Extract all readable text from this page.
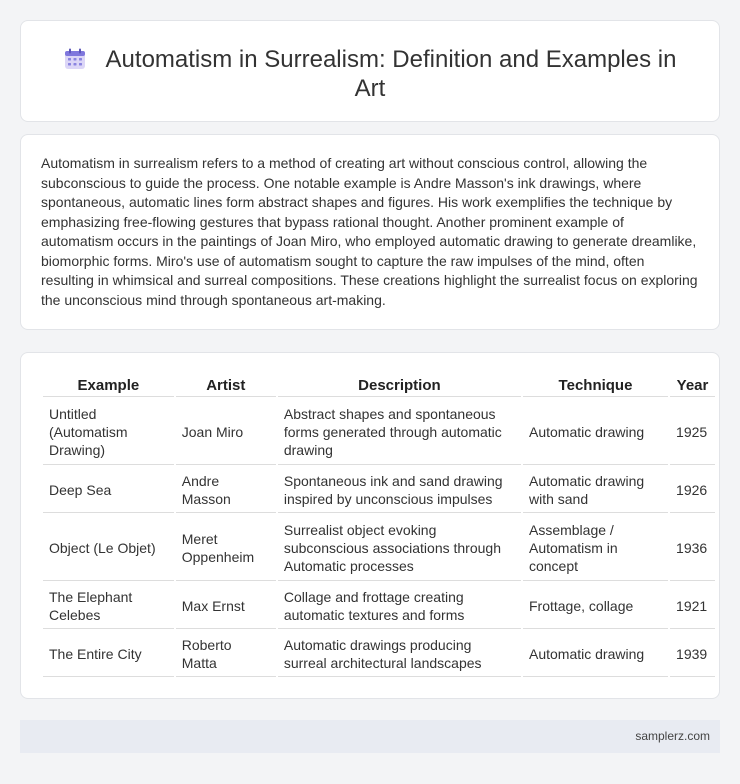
Automatism in Surrealism: Definition and Examples in Art

Automatism in surrealism refers to a method of creating art without conscious control, allowing the subconscious to guide the process. One notable example is Andre Masson's ink drawings, where spontaneous, automatic lines form abstract shapes and figures. His work exemplifies the technique by emphasizing free-flowing gestures that bypass rational thought. Another prominent example of automatism occurs in the paintings of Joan Miro, who employed automatic drawing to generate dreamlike, biomorphic forms. Miro's use of automatism sought to capture the raw impulses of the mind, often resulting in whimsical and surreal compositions. These creations highlight the surrealist focus on exploring the unconscious mind through spontaneous art-making.

Example	Artist	Description	Technique	Year
Untitled (Automatism Drawing)	Joan Miro	Abstract shapes and spontaneous forms generated through automatic drawing	Automatic drawing	1925
Deep Sea	Andre Masson	Spontaneous ink and sand drawing inspired by unconscious impulses	Automatic drawing with sand	1926
Object (Le Objet)	Meret Oppenheim	Surrealist object evoking subconscious associations through Automatic processes	Assemblage / Automatism in concept	1936
The Elephant Celebes	Max Ernst	Collage and frottage creating automatic textures and forms	Frottage, collage	1921
The Entire City	Roberto Matta	Automatic drawings producing surreal architectural landscapes	Automatic drawing	1939
samplerz.com
